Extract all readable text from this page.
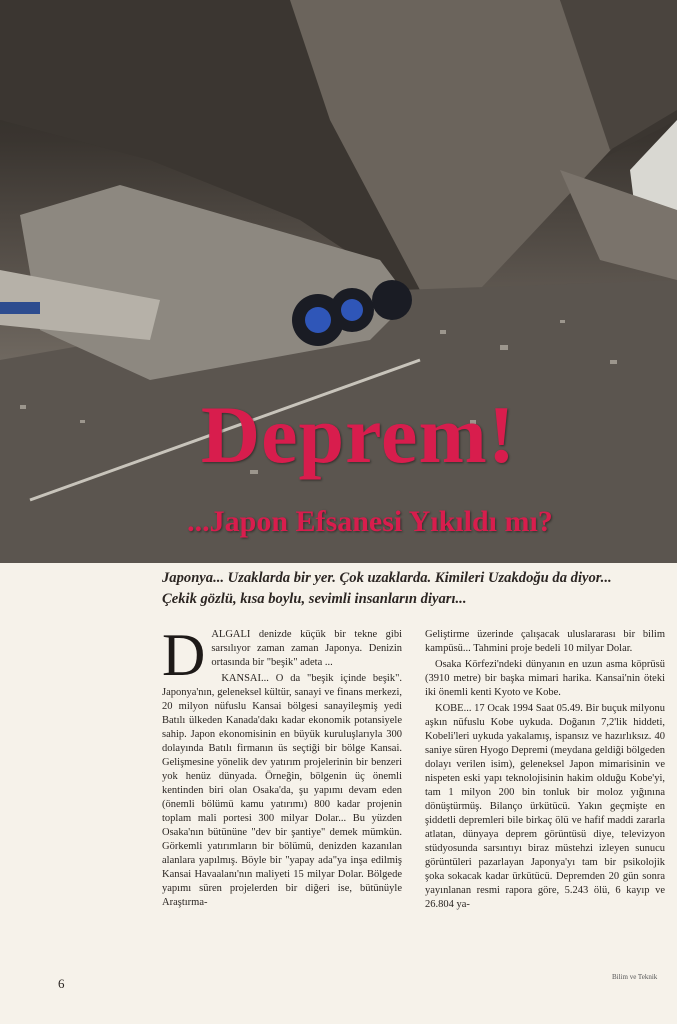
Deprem!
...Japon Efsanesi Yıkıldı mı?

Japonya... Uzaklarda bir yer. Çok uzaklarda. Kimileri Uzakdoğu da diyor... Çekik gözlü, kısa boylu, sevimli insanların diyarı...

D ALGALI denizde küçük bir tekne gibi sarsılıyor zaman zaman Japonya. Denizin ortasında bir "beşik" adeta ...

KANSAI... O da "beşik içinde beşik". Japonya'nın, geleneksel kültür, sanayi ve finans merkezi, 20 milyon nüfuslu Kansai bölgesi sanayileşmiş yedi Batılı ülkeden Kanada'dakı kadar ekonomik potansiyele sahip. Japon ekonomisinin en büyük kuruluşlarıyla 300 dolayında Batılı firmanın üs seçtiği bir bölge Kansai. Gelişmesine yönelik dev yatırım projelerinin bir benzeri yok henüz dünyada. Örneğin, bölgenin üç önemli kentinden biri olan Osaka'da, şu yapımı devam eden (önemli bölümü kamu yatırımı) 800 kadar projenin toplam mali portesi 300 milyar Dolar... Bu yüzden Osaka'nın bütününe "dev bir şantiye" demek mümkün. Görkemli yatırımların bir bölümü, denizden kazanılan alanlara yapılmış. Böyle bir "yapay ada"ya inşa edilmiş Kansai Havaalanı'nın maliyeti 15 milyar Dolar. Bölgede yapımı süren projelerden bir diğeri ise, bütünüyle Araştırma-

Geliştirme üzerinde çalışacak uluslararası bir bilim kampüsü... Tahmini proje bedeli 10 milyar Dolar.

Osaka Körfezi'ndeki dünyanın en uzun asma köprüsü (3910 metre) bir başka mimari harika. Kansai'nin öteki iki önemli kenti Kyoto ve Kobe.

KOBE... 17 Ocak 1994 Saat 05.49. Bir buçuk milyonu aşkın nüfuslu Kobe uykuda. Doğanın 7,2'lik hiddeti, Kobeli'leri uykuda yakalamış, ispansız ve hazırlıksız. 40 saniye süren Hyogo Depremi (meydana geldiği bölgeden dolayı verilen isim), geleneksel Japon mimarisinin ve nispeten eski yapı teknolojisinin hakim olduğu Kobe'yi, tam 1 milyon 200 bin tonluk bir moloz yığınına dönüştürmüş. Bilanço ürkütücü. Yakın geçmişte en şiddetli depremleri bile birkaç ölü ve hafif maddi zararla atlatan, dünyaya deprem görüntüsü diye, televizyon stüdyosunda sarsıntıyı biraz müstehzi izleyen sunucu görüntüleri pazarlayan Japonya'yı tam bir psikolojik şoka sokacak kadar ürkütücü. Depremden 20 gün sonra yayınlanan resmi rapora göre, 5.243 ölü, 6 kayıp ve 26.804 ya-

6	Bilim ve Teknik
